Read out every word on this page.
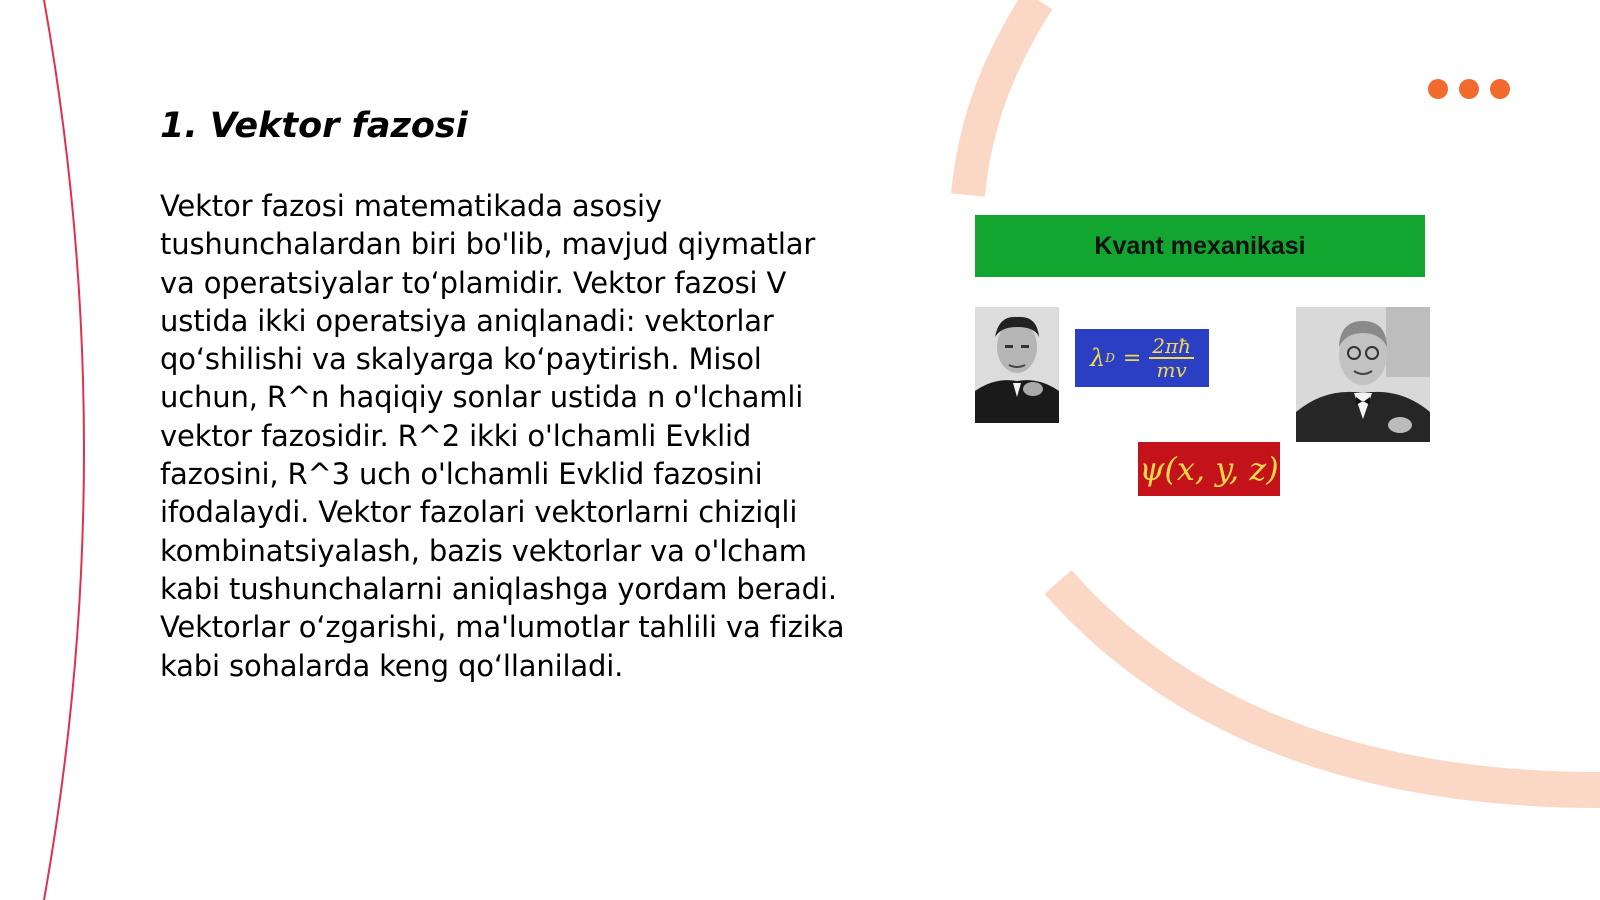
1. Vektor fazosi
Vektor fazosi matematikada asosiy tushunchalardan biri bo'lib, mavjud qiymatlar va operatsiyalar to‘plamidir. Vektor fazosi V ustida ikki operatsiya aniqlanadi: vektorlar qo‘shilishi va skalyarga ko‘paytirish. Misol uchun, R^n haqiqiy sonlar ustida n o'lchamli vektor fazosidir. R^2 ikki o'lchamli Evklid fazosini, R^3 uch o'lchamli Evklid fazosini ifodalaydi. Vektor fazolari vektorlarni chiziqli kombinatsiyalash, bazis vektorlar va o'lcham kabi tushunchalarni aniqlashga yordam beradi. Vektorlar o‘zgarishi, ma'lumotlar tahlili va fizika kabi sohalarda keng qo‘llaniladi.
Kvant mexanikasi
λ $D = \frac{2\pi ħ}{mv}$
ψ(x, y, z)
